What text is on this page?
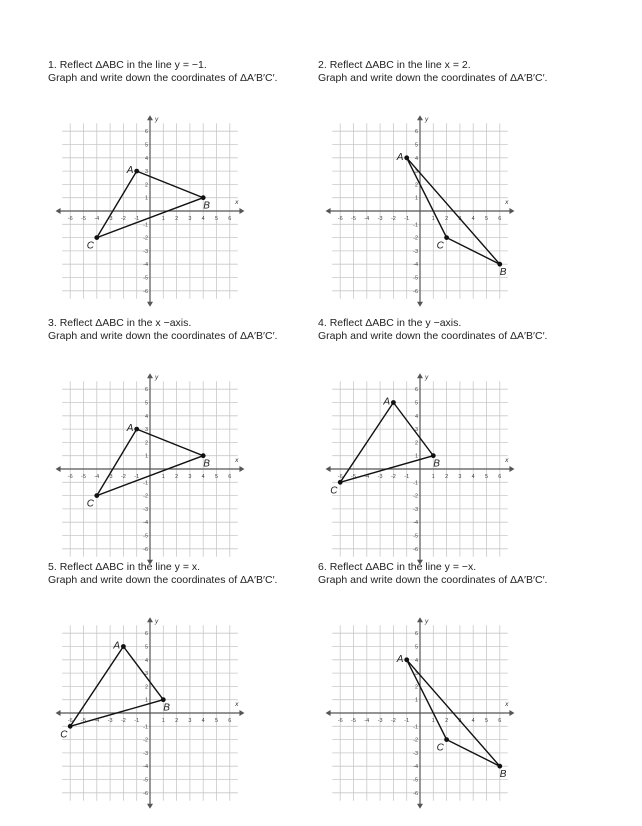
1. Reflect ΔABC in the line y = −1.
Graph and write down the coordinates of ΔA′B′C′.
x
y
-6 -5 -4 -3 -2 -1	1 2 3 4 5 6
6
5
4
3
2
1
-1
-2
-3
-4
-5
-6
A
B
C
2. Reflect ΔABC in the line x = 2.
Graph and write down the coordinates of ΔA′B′C′.
x
y
-6 -5 -4 -3 -2 -1	1 2 3 4 5 6
6
5
4
3
2
1
-1
-2
-3
-4
-5
-6
A
B
C
3. Reflect ΔABC in the x −axis.
Graph and write down the coordinates of ΔA′B′C′.
x
y
-6 -5 -4 -3 -2 -1	1 2 3 4 5 6
6
5
4
3
2
1
-1
-2
-3
-4
-5
-6
A
B
C
4. Reflect ΔABC in the y −axis.
Graph and write down the coordinates of ΔA′B′C′.
x
y
-6 -5 -4 -3 -2 -1	1 2 3 4 5 6
6
5
4
3
2
1
-1
-2
-3
-4
-5
-6
A
B
C
5. Reflect ΔABC in the line y = x.
Graph and write down the coordinates of ΔA′B′C′.
x
y
-6 -5 -4 -3 -2 -1	1 2 3 4 5 6
6
5
4
3
2
1
-1
-2
-3
-4
-5
-6
A
B
C
6. Reflect ΔABC in the line y = −x.
Graph and write down the coordinates of ΔA′B′C′.
x
y
-6 -5 -4 -3 -2 -1	1 2 3 4 5 6
6
5
4
3
2
1
-1
-2
-3
-4
-5
-6
A
B
C
